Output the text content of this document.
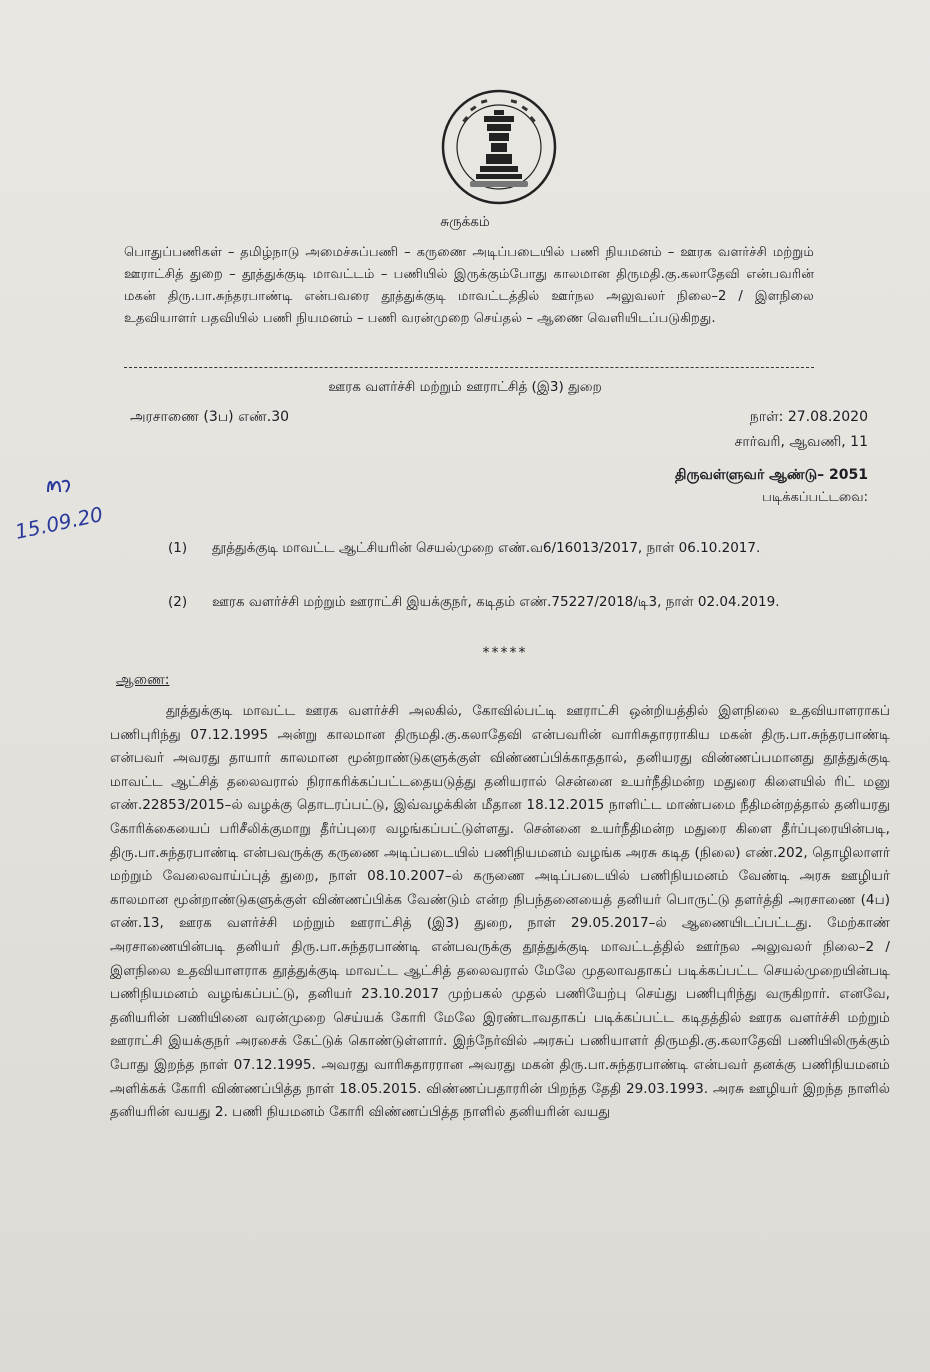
சுருக்கம்
பொதுப்பணிகள் – தமிழ்நாடு அமைச்சுப்பணி – கருணை அடிப்படையில் பணி நியமனம் – ஊரக வளர்ச்சி மற்றும் ஊராட்சித் துறை – தூத்துக்குடி மாவட்டம் – பணியில் இருக்கும்போது காலமான திருமதி.கு.கலாதேவி என்பவரின் மகன் திரு.பா.சுந்தரபாண்டி என்பவரை தூத்துக்குடி மாவட்டத்தில் ஊர்நல அலுவலர் நிலை–2 / இளநிலை உதவியாளர் பதவியில் பணி நியமனம் – பணி வரன்முறை செய்தல் – ஆணை வெளியிடப்படுகிறது.
ஊரக வளர்ச்சி மற்றும் ஊராட்சித் (இ3) துறை
அரசாணை (3ப) எண்.30	நாள்: 27.08.2020
சார்வரி, ஆவணி, 11
திருவள்ளுவர் ஆண்டு– 2051
படிக்கப்பட்டவை:
15.09.20
(1) தூத்துக்குடி மாவட்ட ஆட்சியரின் செயல்முறை எண்.வ6/16013/2017, நாள் 06.10.2017.
(2) ஊரக வளர்ச்சி மற்றும் ஊராட்சி இயக்குநர், கடிதம் எண்.75227/2018/டி3, நாள் 02.04.2019.
*****
ஆணை:
தூத்துக்குடி மாவட்ட ஊரக வளர்ச்சி அலகில், கோவில்பட்டி ஊராட்சி ஒன்றியத்தில் இளநிலை உதவியாளராகப் பணிபுரிந்து 07.12.1995 அன்று காலமான திருமதி.கு.கலாதேவி என்பவரின் வாரிசுதாரராகிய மகன் திரு.பா.சுந்தரபாண்டி என்பவர் அவரது தாயார் காலமான மூன்றாண்டுகளுக்குள் விண்ணப்பிக்காததால், தனியரது விண்ணப்பமானது தூத்துக்குடி மாவட்ட ஆட்சித் தலைவரால் நிராகரிக்கப்பட்டதையடுத்து தனியரால் சென்னை உயர்நீதிமன்ற மதுரை கிளையில் ரிட் மனு எண்.22853/2015–ல் வழக்கு தொடரப்பட்டு, இவ்வழக்கின் மீதான 18.12.2015 நாளிட்ட மாண்பமை நீதிமன்றத்தால் தனியரது கோரிக்கையைப் பரிசீலிக்குமாறு தீர்ப்புரை வழங்கப்பட்டுள்ளது. சென்னை உயர்நீதிமன்ற மதுரை கிளை தீர்ப்புரையின்படி, திரு.பா.சுந்தரபாண்டி என்பவருக்கு கருணை அடிப்படையில் பணிநியமனம் வழங்க அரசு கடித (நிலை) எண்.202, தொழிலாளர் மற்றும் வேலைவாய்ப்புத் துறை, நாள் 08.10.2007–ல் கருணை அடிப்படையில் பணிநியமனம் வேண்டி அரசு ஊழியர் காலமான மூன்றாண்டுகளுக்குள் விண்ணப்பிக்க வேண்டும் என்ற நிபந்தனையைத் தனியர் பொருட்டு தளர்த்தி அரசாணை (4ப) எண்.13, ஊரக வளர்ச்சி மற்றும் ஊராட்சித் (இ3) துறை, நாள் 29.05.2017–ல் ஆணையிடப்பட்டது. மேற்காண் அரசாணையின்படி தனியர் திரு.பா.சுந்தரபாண்டி என்பவருக்கு தூத்துக்குடி மாவட்டத்தில் ஊர்நல அலுவலர் நிலை–2 / இளநிலை உதவியாளராக தூத்துக்குடி மாவட்ட ஆட்சித் தலைவரால் மேலே முதலாவதாகப் படிக்கப்பட்ட செயல்முறையின்படி பணிநியமனம் வழங்கப்பட்டு, தனியர் 23.10.2017 முற்பகல் முதல் பணியேற்பு செய்து பணிபுரிந்து வருகிறார். எனவே, தனியரின் பணியினை வரன்முறை செய்யக் கோரி மேலே இரண்டாவதாகப் படிக்கப்பட்ட கடிதத்தில் ஊரக வளர்ச்சி மற்றும் ஊராட்சி இயக்குநர் அரசைக் கேட்டுக் கொண்டுள்ளார். இந்நேர்வில் அரசுப் பணியாளர் திருமதி.கு.கலாதேவி பணியிலிருக்கும் போது இறந்த நாள் 07.12.1995. அவரது வாரிசுதாரரான அவரது மகன் திரு.பா.சுந்தரபாண்டி என்பவர் தனக்கு பணிநியமனம் அளிக்கக் கோரி விண்ணப்பித்த நாள் 18.05.2015. விண்ணப்பதாரரின் பிறந்த தேதி 29.03.1993. அரசு ஊழியர் இறந்த நாளில் தனியரின் வயது 2. பணி நியமனம் கோரி விண்ணப்பித்த நாளில் தனியரின் வயது
